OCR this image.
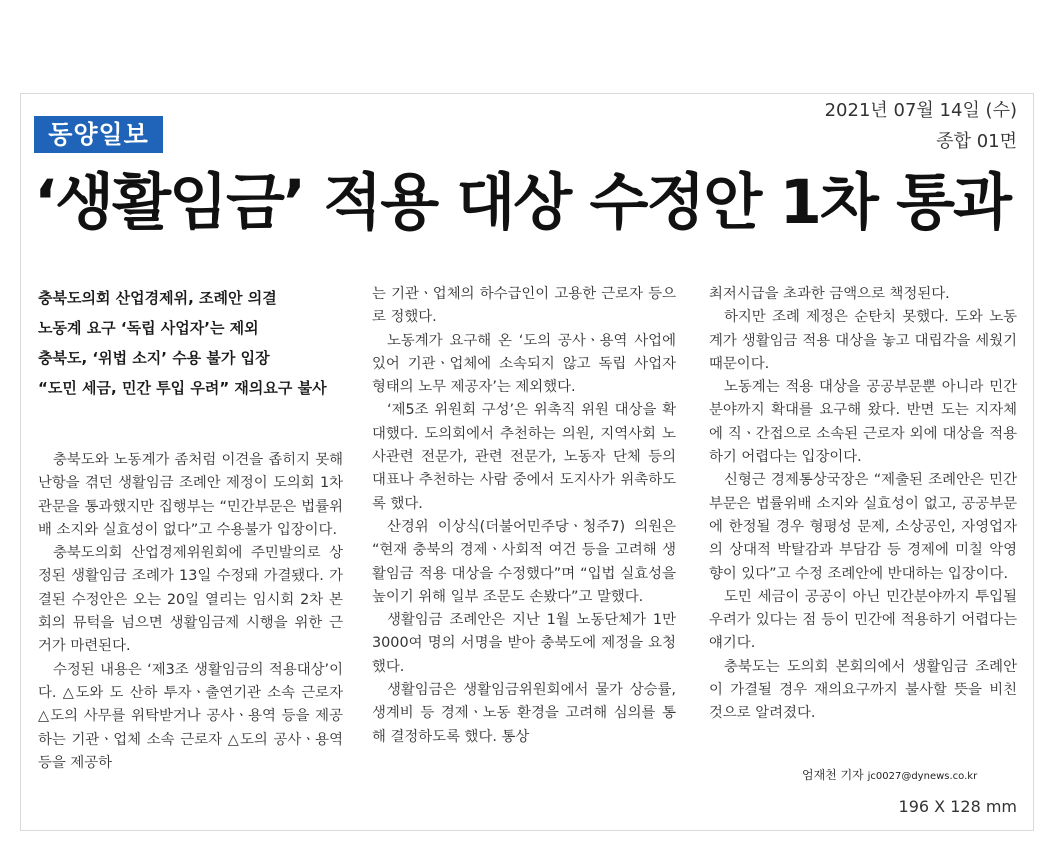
동양일보
2021년 07월 14일 (수)
종합 01면
‘생활임금’ 적용 대상 수정안 1차 통과
충북도의회 산업경제위, 조례안 의결
노동계 요구 ‘독립 사업자’는 제외
충북도, ‘위법 소지’ 수용 불가 입장
“도민 세금, 민간 투입 우려” 재의요구 불사

충북도와 노동계가 좀처럼 이견을 좁히지 못해 난항을 겪던 생활임금 조례안 제정이 도의회 1차 관문을 통과했지만 집행부는 “민간부문은 법률위배 소지와 실효성이 없다”고 수용불가 입장이다.

충북도의회 산업경제위원회에 주민발의로 상정된 생활임금 조례가 13일 수정돼 가결됐다. 가결된 수정안은 오는 20일 열리는 임시회 2차 본회의 뮤턱을 넘으면 생활임금제 시행을 위한 근거가 마련된다.

수정된 내용은 ‘제3조 생활임금의 적용대상’이다. △도와 도 산하 투자ㆍ출연기관 소속 근로자 △도의 사무를 위탁받거나 공사ㆍ용역 등을 제공하는 기관ㆍ업체 소속 근로자 △도의 공사ㆍ용역 등을 제공하

는 기관ㆍ업체의 하수급인이 고용한 근로자 등으로 정했다.

노동계가 요구해 온 ‘도의 공사ㆍ용역 사업에 있어 기관ㆍ업체에 소속되지 않고 독립 사업자 형태의 노무 제공자’는 제외했다.

‘제5조 위원회 구성’은 위촉직 위원 대상을 확대했다. 도의회에서 추천하는 의원, 지역사회 노사관련 전문가, 관련 전문가, 노동자 단체 등의 대표나 추천하는 사람 중에서 도지사가 위촉하도록 했다.

산경위 이상식(더불어민주당ㆍ청주7) 의원은 “현재 충북의 경제ㆍ사회적 여건 등을 고려해 생활임금 적용 대상을 수정했다”며 “입법 실효성을 높이기 위해 일부 조문도 손봤다”고 말했다.

생활임금 조례안은 지난 1월 노동단체가 1만3000여 명의 서명을 받아 충북도에 제정을 요청했다.

생활임금은 생활임금위원회에서 물가 상승률, 생계비 등 경제ㆍ노동 환경을 고려해 심의를 통해 결정하도록 했다. 통상

최저시급을 초과한 금액으로 책정된다.

하지만 조례 제정은 순탄치 못했다. 도와 노동계가 생활임금 적용 대상을 놓고 대립각을 세웠기 때문이다.

노동계는 적용 대상을 공공부문뿐 아니라 민간분야까지 확대를 요구해 왔다. 반면 도는 지자체에 직ㆍ간접으로 소속된 근로자 외에 대상을 적용하기 어렵다는 입장이다.

신형근 경제통상국장은 “제출된 조례안은 민간부문은 법률위배 소지와 실효성이 없고, 공공부문에 한정될 경우 형평성 문제, 소상공인, 자영업자의 상대적 박탈감과 부담감 등 경제에 미칠 악영향이 있다”고 수정 조례안에 반대하는 입장이다.

도민 세금이 공공이 아닌 민간분야까지 투입될 우려가 있다는 점 등이 민간에 적용하기 어렵다는 얘기다.

충북도는 도의회 본회의에서 생활임금 조례안이 가결될 경우 재의요구까지 불사할 뜻을 비친 것으로 알려졌다.

엄재천 기자 jc0027@dynews.co.kr
196 X 128 mm
